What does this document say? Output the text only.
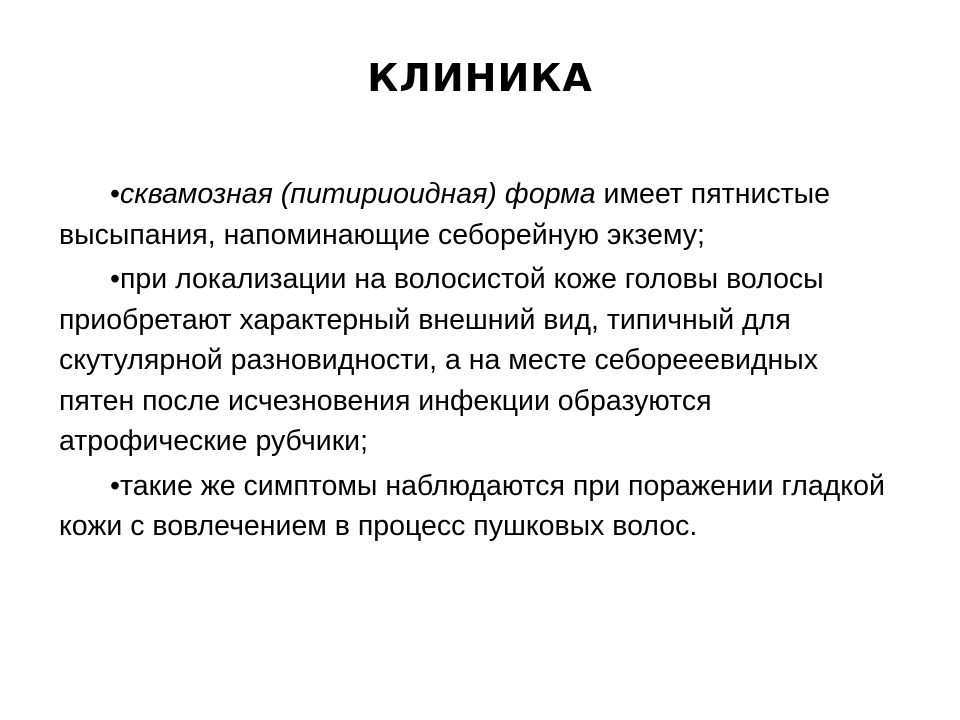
КЛИНИКА

•сквамозная (питириоидная) форма имеет пятнистые высыпания, напоминающие себорейную экзему;

•при локализации на волосистой коже головы волосы приобретают характерный внешний вид, типичный для скутулярной разновидности, а на месте себорееевидных пятен после исчезновения инфекции образуются атрофические рубчики;

•такие же симптомы наблюдаются при поражении гладкой кожи с вовлечением в процесс пушковых волос.
